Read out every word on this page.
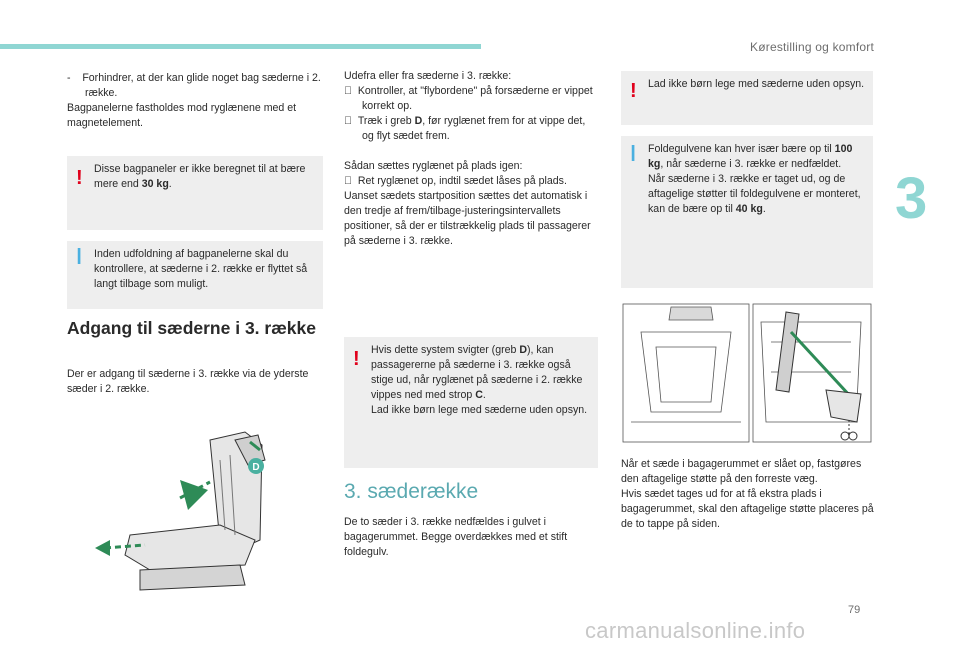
Kørestilling og komfort
3

-    Forhindrer, at der kan glide noget bag sæderne i 2. række.

Bagpanelerne fastholdes mod ryglænene med et magnetelement.

! Disse bagpaneler er ikke beregnet til at bære mere end 30 kg.
ǀ Inden udfoldning af bagpanelerne skal du kontrollere, at sæderne i 2. række er flyttet så langt tilbage som muligt.
Adgang til sæderne i 3. række
Der er adgang til sæderne i 3. række via de yderste sæder i 2. række.
D

Udefra eller fra sæderne i 3. række:

Kontroller, at "flybordene" på forsæderne er vippet korrekt op.

Træk i greb D, før ryglænet frem for at vippe det, og flyt sædet frem.

Sådan sættes ryglænet på plads igen:

Ret ryglænet op, indtil sædet låses på plads.

Uanset sædets startposition sættes det automatisk i den tredje af frem/tilbage-justeringsintervallets positioner, så der er tilstrækkelig plads til passagerer på sæderne i 3. række.

! Hvis dette system svigter (greb D), kan passagererne på sæderne i 3. række også stige ud, når ryglænet på sæderne i 2. række vippes ned med strop C.
Lad ikke børn lege med sæderne uden opsyn.
3. sæderække
De to sæder i 3. række nedfældes i gulvet i bagagerummet. Begge overdækkes med et stift foldegulv.
! Lad ikke børn lege med sæderne uden opsyn.
ǀ Foldegulvene kan hver især bære op til 100 kg, når sæderne i 3. række er nedfældet.
Når sæderne i 3. række er taget ud, og de aftagelige støtter til foldegulvene er monteret, kan de bære op til 40 kg.

Når et sæde i bagagerummet er slået op, fastgøres den aftagelige støtte på den forreste væg.

Hvis sædet tages ud for at få ekstra plads i bagagerummet, skal den aftagelige støtte placeres på de to tappe på siden.

79
carmanualsonline.info
